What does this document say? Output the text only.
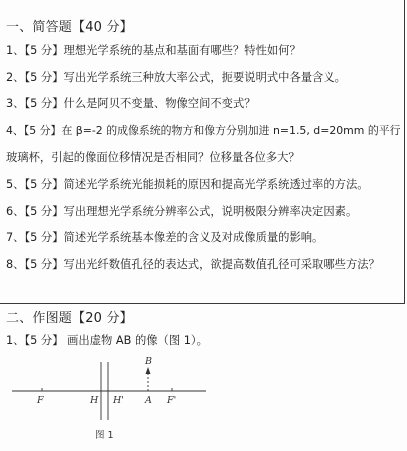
一、简答题【40 分】
1、【5 分】理想光学系统的基点和基面有哪些？特性如何？
2、【5 分】写出光学系统三种放大率公式，扼要说明式中各量含义。
3、【5 分】什么是阿贝不变量、物像空间不变式？
4、【5 分】在 β=-2 的成像系统的物方和像方分别加进 n=1.5, d=20mm 的平行
玻璃杯，引起的像面位移情况是否相同？位移量各位多大？
5、【5 分】简述光学系统光能损耗的原因和提高光学系统透过率的方法。
6、【5 分】写出理想光学系统分辨率公式，说明极限分辨率决定因素。
7、【5 分】简述光学系统基本像差的含义及对成像质量的影响。
8、【5 分】写出光纤数值孔径的表达式，欲提高数值孔径可采取哪些方法？
二、作图题【20 分】
1、【5 分】 画出虚物 AB 的像（图 1）。
F	H H' A F'
B
图 1
